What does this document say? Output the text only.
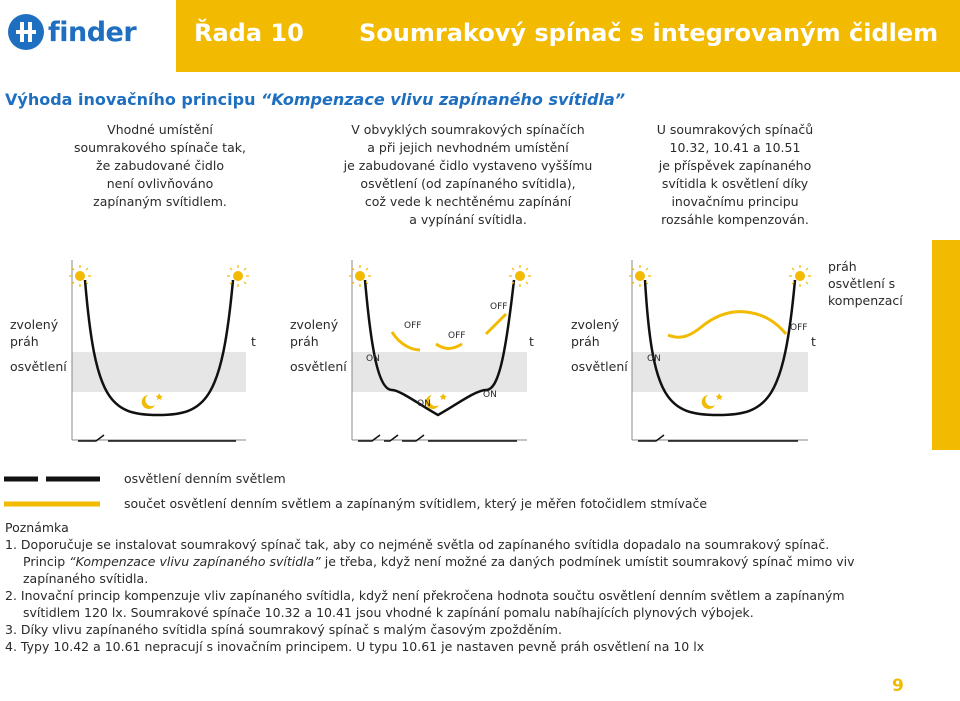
finder Řada 10 Soumrakový spínač s integrovaným čidlem
Výhoda inovačního principu “Kompenzace vlivu zapínaného svítidla”
Vhodné umístění
soumrakového spínače tak,
že zabudované čidlo
není ovlivňováno
zapínaným svítidlem.
V obvyklých soumrakových spínačích
a při jejich nevhodném umístění
je zabudované čidlo vystaveno vyššímu
osvětlení (od zapínaného svítidla),
což vede k nechtěnému zapínání
a vypínání svítidla.
U soumrakových spínačů
10.32, 10.41 a 10.51
je příspěvek zapínaného
svítidla k osvětlení díky
inovačnímu principu
rozsáhle kompenzován.
zvolený
práh
osvětlení
t
zvolený
práh
osvětlení
t
ON
OFF
ON
OFF
ON
OFF
zvolený
práh
osvětlení
t
ON
OFF
práh
osvětlení s
kompenzací
osvětlení denním světlem
součet osvětlení denním světlem a zapínaným svítidlem, který je měřen fotočidlem stmívače

Poznámka

1. Doporučuje se instalovat soumrakový spínač tak, aby co nejméně světla od zapínaného svítidla dopadalo na soumrakový spínač.

Princip “Kompenzace vlivu zapínaného svítidla” je třeba, když není možné za daných podmínek umístit soumrakový spínač mimo viv

zapínaného svítidla.

2. Inovační princip kompenzuje vliv zapínaného svítidla, když není překročena hodnota součtu osvětlení denním světlem a zapínaným

svítidlem 120 lx. Soumrakové spínače 10.32 a 10.41 jsou vhodné k zapínání pomalu nabíhajících plynových výbojek.

3. Díky vlivu zapínaného svítidla spíná soumrakový spínač s malým časovým zpožděním.

4. Typy 10.42 a 10.61 nepracují s inovačním principem. U typu 10.61 je nastaven pevně práh osvětlení na 10 lx

9
